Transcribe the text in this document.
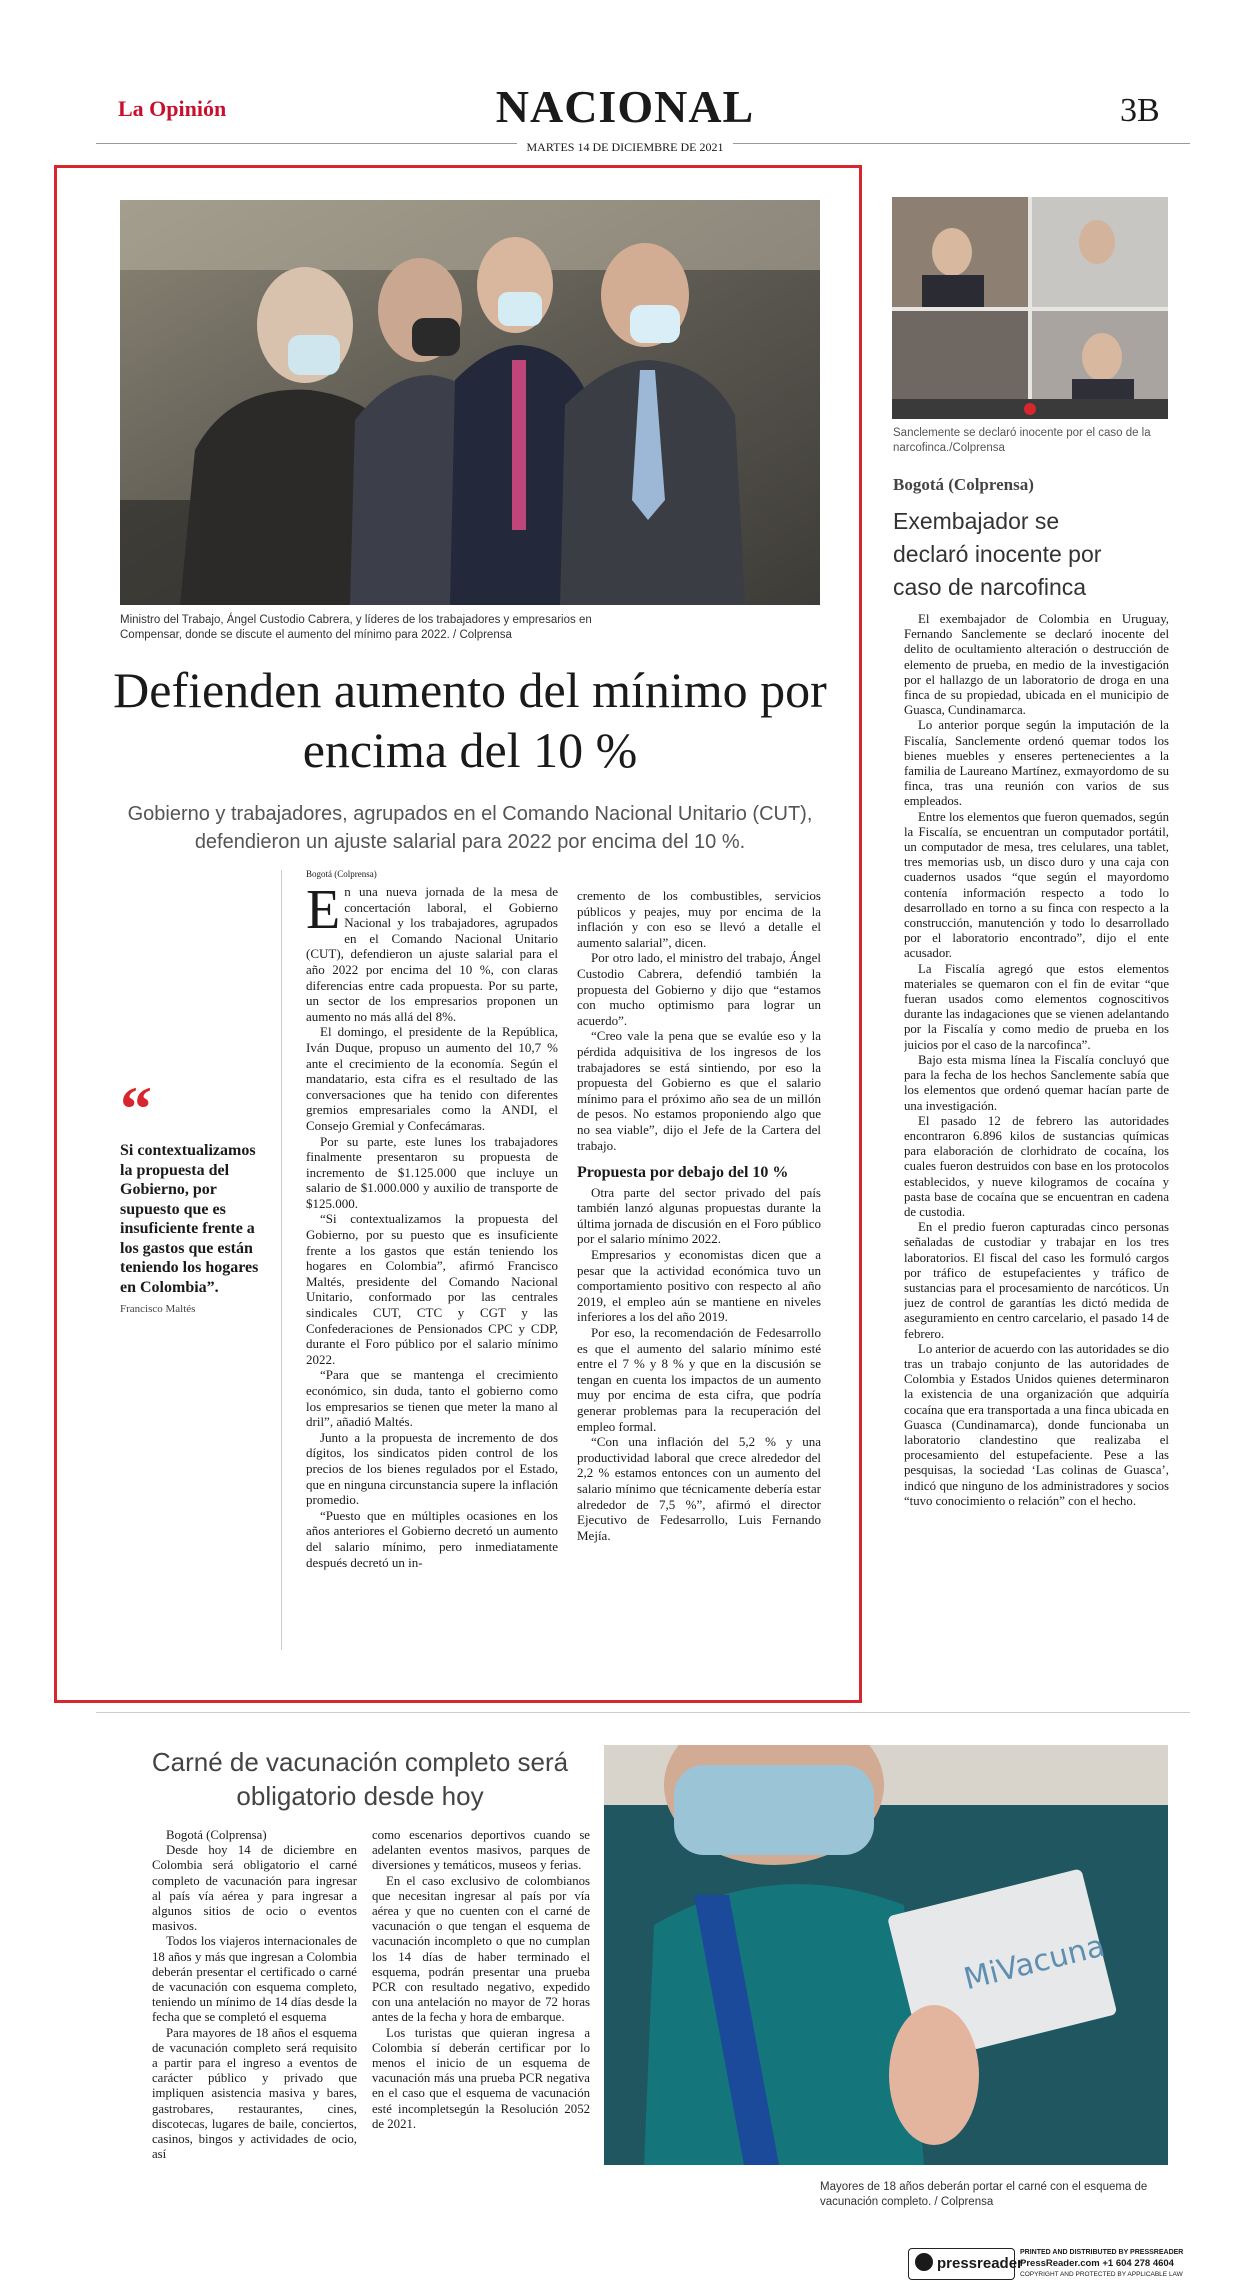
La Opinión	NACIONAL	3B
MARTES 14 DE DICIEMBRE DE 2021
Ministro del Trabajo, Ángel Custodio Cabrera, y líderes de los trabajadores y empresarios en Compensar, donde se discute el aumento del mínimo para 2022. / Colprensa
Defienden aumento del mínimo por encima del 10 %
Gobierno y trabajadores, agrupados en el Comando Nacional Unitario (CUT), defendieron un ajuste salarial para 2022 por encima del 10 %.
“
Si contextualizamos la propuesta del Gobierno, por supuesto que es insuficiente frente a los gastos que están teniendo los hogares en Colombia”.
Francisco Maltés
Bogotá (Colprensa)
E n una nueva jornada de la mesa de concertación laboral, el Gobierno Nacional y los trabajadores, agrupados en el Comando Nacional Unitario (CUT), defendieron un ajuste salarial para el año 2022 por encima del 10 %, con claras diferencias entre cada propuesta. Por su parte, un sector de los empresarios proponen un aumento no más allá del 8%.

El domingo, el presidente de la República, Iván Duque, propuso un aumento del 10,7 % ante el crecimiento de la economía. Según el mandatario, esta cifra es el resultado de las conversaciones que ha tenido con diferentes gremios empresariales como la ANDI, el Consejo Gremial y Confecámaras.

Por su parte, este lunes los trabajadores finalmente presentaron su propuesta de incremento de $1.125.000 que incluye un salario de $1.000.000 y auxilio de transporte de $125.000.

“Si contextualizamos la propuesta del Gobierno, por su puesto que es insuficiente frente a los gastos que están teniendo los hogares en Colombia”, afirmó Francisco Maltés, presidente del Comando Nacional Unitario, conformado por las centrales sindicales CUT, CTC y CGT y las Confederaciones de Pensionados CPC y CDP, durante el Foro público por el salario mínimo 2022.

“Para que se mantenga el crecimiento económico, sin duda, tanto el gobierno como los empresarios se tienen que meter la mano al dril”, añadió Maltés.

Junto a la propuesta de incremento de dos dígitos, los sindicatos piden control de los precios de los bienes regulados por el Estado, que en ninguna circunstancia supere la inflación promedio.

“Puesto que en múltiples ocasiones en los años anteriores el Gobierno decretó un aumento del salario mínimo, pero inmediatamente después decretó un in-

cremento de los combustibles, servicios públicos y peajes, muy por encima de la inflación y con eso se llevó a detalle el aumento salarial”, dicen.

Por otro lado, el ministro del trabajo, Ángel Custodio Cabrera, defendió también la propuesta del Gobierno y dijo que “estamos con mucho optimismo para lograr un acuerdo”.

“Creo vale la pena que se evalúe eso y la pérdida adquisitiva de los ingresos de los trabajadores se está sintiendo, por eso la propuesta del Gobierno es que el salario mínimo para el próximo año sea de un millón de pesos. No estamos proponiendo algo que no sea viable”, dijo el Jefe de la Cartera del trabajo.

Propuesta por debajo del 10 %

Otra parte del sector privado del país también lanzó algunas propuestas durante la última jornada de discusión en el Foro público por el salario mínimo 2022.

Empresarios y economistas dicen que a pesar que la actividad económica tuvo un comportamiento positivo con respecto al año 2019, el empleo aún se mantiene en niveles inferiores a los del año 2019.

Por eso, la recomendación de Fedesarrollo es que el aumento del salario mínimo esté entre el 7 % y 8 % y que en la discusión se tengan en cuenta los impactos de un aumento muy por encima de esta cifra, que podría generar problemas para la recuperación del empleo formal.

“Con una inflación del 5,2 % y una productividad laboral que crece alrededor del 2,2 % estamos entonces con un aumento del salario mínimo que técnicamente debería estar alrededor de 7,5 %”, afirmó el director Ejecutivo de Fedesarrollo, Luis Fernando Mejía.

Sanclemente se declaró inocente por el caso de la narcofinca./Colprensa
Bogotá (Colprensa)
Exembajador se declaró inocente por caso de narcofinca

El exembajador de Colombia en Uruguay, Fernando Sanclemente se declaró inocente del delito de ocultamiento alteración o destrucción de elemento de prueba, en medio de la investigación por el hallazgo de un laboratorio de droga en una finca de su propiedad, ubicada en el municipio de Guasca, Cundinamarca.

Lo anterior porque según la imputación de la Fiscalía, Sanclemente ordenó quemar todos los bienes muebles y enseres pertenecientes a la familia de Laureano Martínez, exmayordomo de su finca, tras una reunión con varios de sus empleados.

Entre los elementos que fueron quemados, según la Fiscalía, se encuentran un computador portátil, un computador de mesa, tres celulares, una tablet, tres memorias usb, un disco duro y una caja con cuadernos usados “que según el mayordomo contenía información respecto a todo lo desarrollado en torno a su finca con respecto a la construcción, manutención y todo lo desarrollado por el laboratorio encontrado”, dijo el ente acusador.

La Fiscalía agregó que estos elementos materiales se quemaron con el fin de evitar “que fueran usados como elementos cognoscitivos durante las indagaciones que se vienen adelantando por la Fiscalía y como medio de prueba en los juicios por el caso de la narcofinca”.

Bajo esta misma línea la Fiscalía concluyó que para la fecha de los hechos Sanclemente sabía que los elementos que ordenó quemar hacían parte de una investigación.

El pasado 12 de febrero las autoridades encontraron 6.896 kilos de sustancias químicas para elaboración de clorhidrato de cocaína, los cuales fueron destruidos con base en los protocolos establecidos, y nueve kilogramos de cocaína y pasta base de cocaína que se encuentran en cadena de custodia.

En el predio fueron capturadas cinco personas señaladas de custodiar y trabajar en los tres laboratorios. El fiscal del caso les formuló cargos por tráfico de estupefacientes y tráfico de sustancias para el procesamiento de narcóticos. Un juez de control de garantías les dictó medida de aseguramiento en centro carcelario, el pasado 14 de febrero.

Lo anterior de acuerdo con las autoridades se dio tras un trabajo conjunto de las autoridades de Colombia y Estados Unidos quienes determinaron la existencia de una organización que adquiría cocaína que era transportada a una finca ubicada en Guasca (Cundinamarca), donde funcionaba un laboratorio clandestino que realizaba el procesamiento del estupefaciente. Pese a las pesquisas, la sociedad ‘Las colinas de Guasca’, indicó que ninguno de los administradores y socios “tuvo conocimiento o relación” con el hecho.

Carné de vacunación completo será obligatorio desde hoy

Bogotá (Colprensa)

Desde hoy 14 de diciembre en Colombia será obligatorio el carné completo de vacunación para ingresar al país vía aérea y para ingresar a algunos sitios de ocio o eventos masivos.

Todos los viajeros internacionales de 18 años y más que ingresan a Colombia deberán presentar el certificado o carné de vacunación con esquema completo, teniendo un mínimo de 14 días desde la fecha que se completó el esquema

Para mayores de 18 años el esquema de vacunación completo será requisito a partir para el ingreso a eventos de carácter público y privado que impliquen asistencia masiva y bares, gastrobares, restaurantes, cines, discotecas, lugares de baile, conciertos, casinos, bingos y actividades de ocio, así

como escenarios deportivos cuando se adelanten eventos masivos, parques de diversiones y temáticos, museos y ferias.

En el caso exclusivo de colombianos que necesitan ingresar al país por vía aérea y que no cuenten con el carné de vacunación o que tengan el esquema de vacunación incompleto o que no cumplan los 14 días de haber terminado el esquema, podrán presentar una prueba PCR con resultado negativo, expedido con una antelación no mayor de 72 horas antes de la fecha y hora de embarque.

Los turistas que quieran ingresa a Colombia sí deberán certificar por lo menos el inicio de un esquema de vacunación más una prueba PCR negativa en el caso que el esquema de vacunación esté incompletsegún la Resolución 2052 de 2021.

MiVacuna
Mayores de 18 años deberán portar el carné con el esquema de vacunación completo. / Colprensa
pressreader
PRINTED AND DISTRIBUTED BY PRESSREADER
PressReader.com +1 604 278 4604
COPYRIGHT AND PROTECTED BY APPLICABLE LAW
